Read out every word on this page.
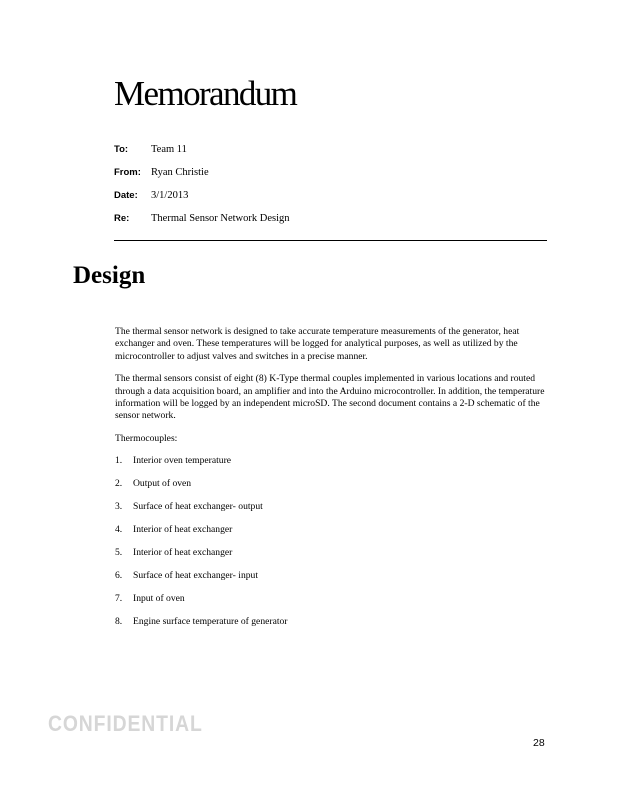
Memorandum
To: Team 11
From: Ryan Christie
Date: 3/1/2013
Re: Thermal Sensor Network Design
Design

The thermal sensor network is designed to take accurate temperature measurements of the generator, heat exchanger and oven. These temperatures will be logged for analytical purposes, as well as utilized by the microcontroller to adjust valves and switches in a precise manner.

The thermal sensors consist of eight (8) K-Type thermal couples implemented in various locations and routed through a data acquisition board, an amplifier and into the Arduino microcontroller. In addition, the temperature information will be logged by an independent microSD. The second document contains a 2-D schematic of the sensor network.

Thermocouples:

1. Interior oven temperature
2. Output of oven
3. Surface of heat exchanger- output
4. Interior of heat exchanger
5. Interior of heat exchanger
6. Surface of heat exchanger- input
7. Input of oven
8. Engine surface temperature of generator
CONFIDENTIAL
28
